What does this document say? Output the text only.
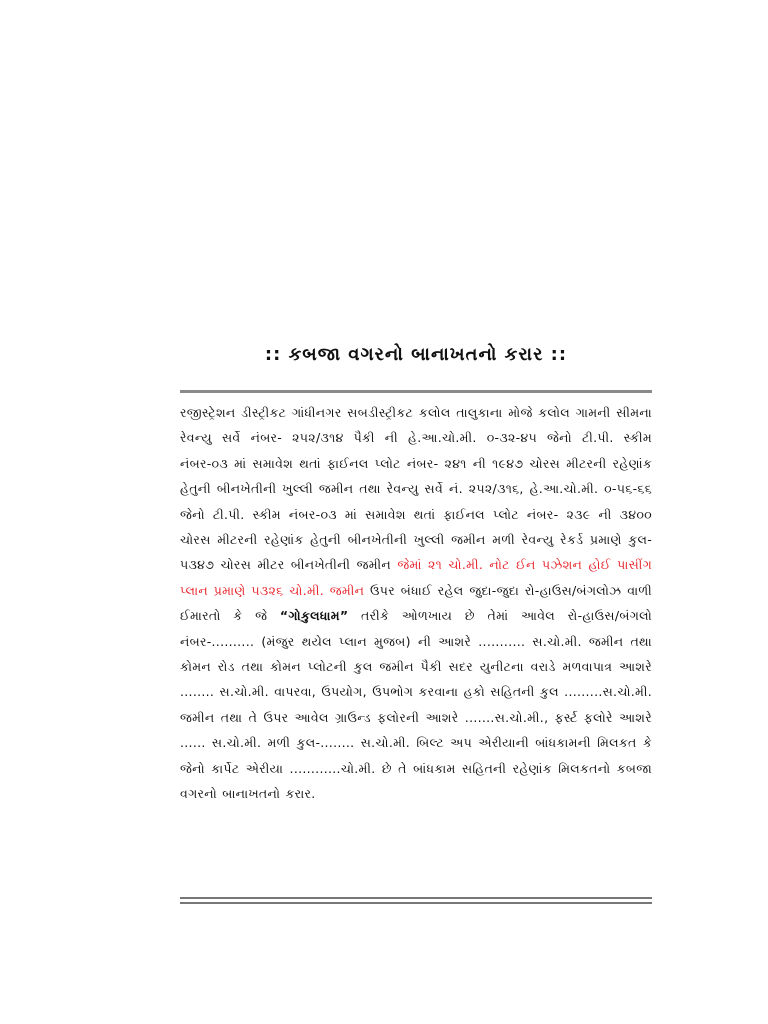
:: કબજા વગરનો બાનાખતનો કરાર ::

રજીસ્ટ્રેશન ડીસ્ટ્રીકટ ગાંધીનગર સબડીસ્ટ્રીકટ કલોલ તાલુકાના મોજે કલોલ ગામની સીમના રેવન્યુ સર્વે નંબર- ૨૫૨/૩૧૪ પૈકી ની હે.આ.ચો.મી. ૦-૩૨-૪૫ જેનો ટી.પી. સ્કીમ નંબર-૦૩ માં સમાવેશ થતાં ફાઈનલ પ્લોટ નંબર- ૨૪૧ ની ૧૯૪૭ ચોરસ મીટરની રહેણાંક હેતુની બીનખેતીની ખુલ્લી જમીન તથા રેવન્યુ સર્વે નં. ૨૫૨/૩૧૬, હે.આ.ચો.મી. ૦-૫૬-૬૬ જેનો ટી.પી. સ્કીમ નંબર-૦૩ માં સમાવેશ થતાં ફાઈનલ પ્લોટ નંબર- ૨૩૯ ની ૩૪૦૦ ચોરસ મીટરની રહેણાંક હેતુની બીનખેતીની ખુલ્લી જમીન મળી રેવન્યુ રેકર્ડ પ્રમાણે કુલ- ૫૩૪૭ ચોરસ મીટર બીનખેતીની જમીન જેમાં ૨૧ ચો.મી. નોટ ઈન પઝેશન હોઈ પાસીંગ પ્લાન પ્રમાણે ૫૩૨૬ ચો.મી. જમીન ઉપર બંધાઈ રહેલ જુદા-જુદા રો-હાઉસ/બંગલોઝ વાળી ઈમારતો કે જે “ગોકુલધામ” તરીકે ઓળખાય છે તેમાં આવેલ રો-હાઉસ/બંગલો નંબર-.......... (મંજુર થયેલ પ્લાન મુજબ) ની આશરે ........... સ.ચો.મી. જમીન તથા કોમન રોડ તથા કોમન પ્લોટની કુલ જમીન પૈકી સદર યુનીટના વરાડે મળવાપાત્ર આશરે ........ સ.ચો.મી. વાપરવા, ઉપયોગ, ઉપભોગ કરવાના હકો સહિતની કુલ .........સ.ચો.મી. જમીન તથા તે ઉપર આવેલ ગ્રાઉન્ડ ફલોરની આશરે .......સ.ચો.મી., ફર્સ્ટ ફલોરે આશરે ...... સ.ચો.મી. મળી કુલ-........ સ.ચો.મી. બિલ્ટ અપ એરીયાની બાંધકામની મિલકત કે જેનો કાર્પેટ એરીયા ............ચો.મી. છે તે બાંધકામ સહિતની રહેણાંક મિલકતનો કબજા વગરનો બાનાખતનો કરાર.
